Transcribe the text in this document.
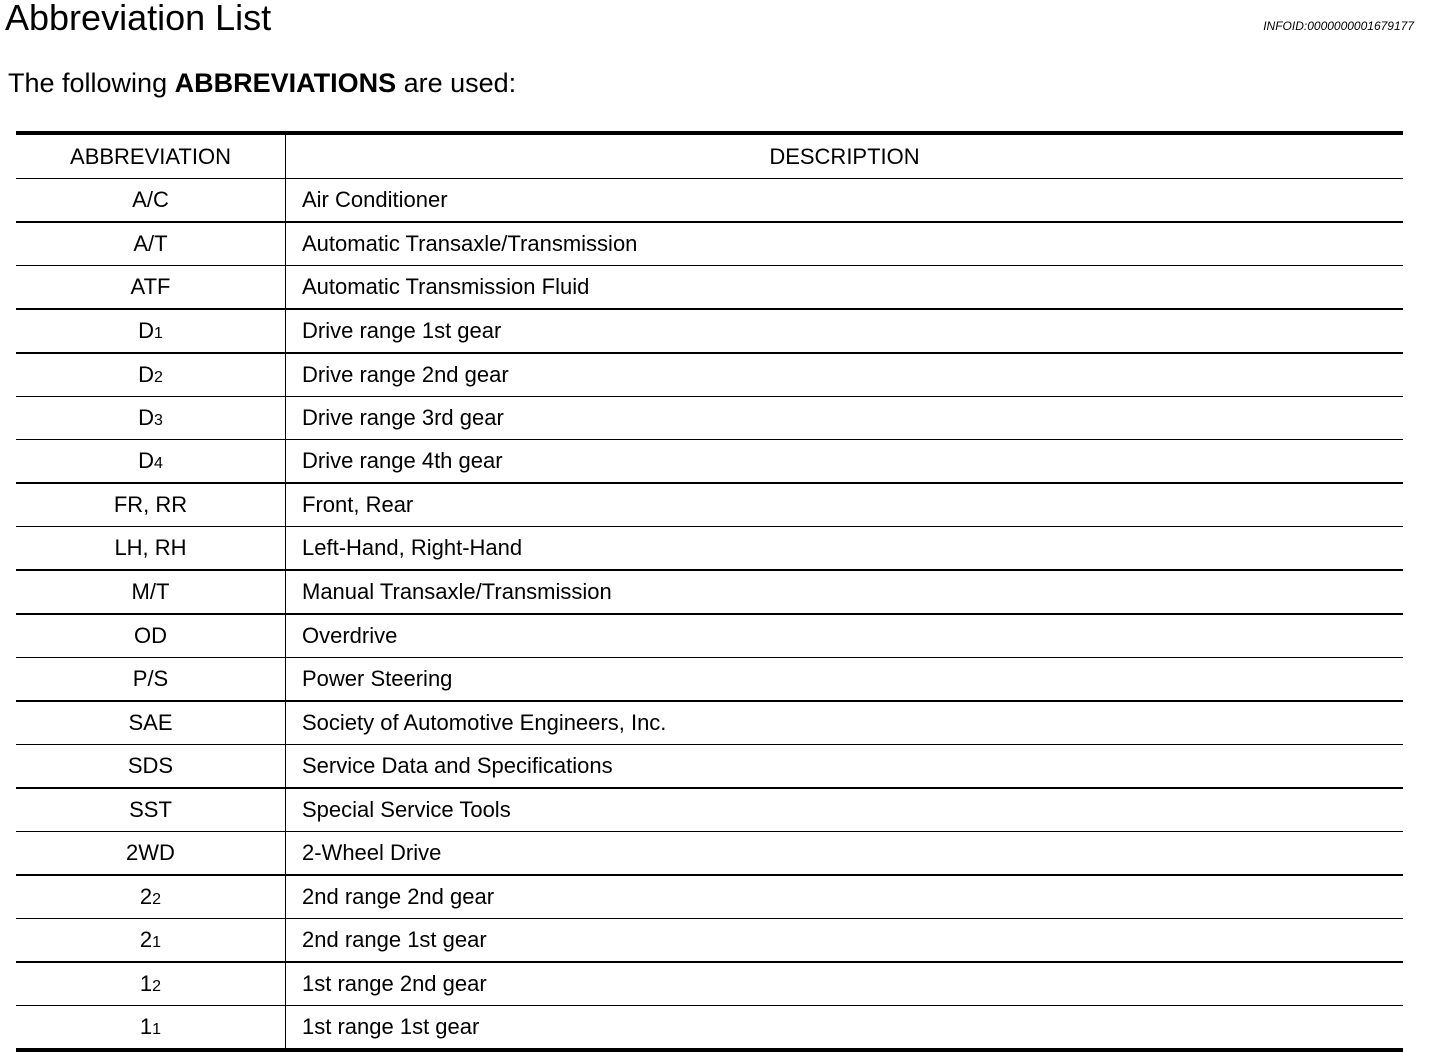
Abbreviation List	INFOID:0000000001679177

The following ABBREVIATIONS are used:

ABBREVIATION	DESCRIPTION
A/C	Air Conditioner
A/T	Automatic Transaxle/Transmission
ATF	Automatic Transmission Fluid
D1	Drive range 1st gear
D2	Drive range 2nd gear
D3	Drive range 3rd gear
D4	Drive range 4th gear
FR, RR	Front, Rear
LH, RH	Left-Hand, Right-Hand
M/T	Manual Transaxle/Transmission
OD	Overdrive
P/S	Power Steering
SAE	Society of Automotive Engineers, Inc.
SDS	Service Data and Specifications
SST	Special Service Tools
2WD	2-Wheel Drive
22	2nd range 2nd gear
21	2nd range 1st gear
12	1st range 2nd gear
11	1st range 1st gear
